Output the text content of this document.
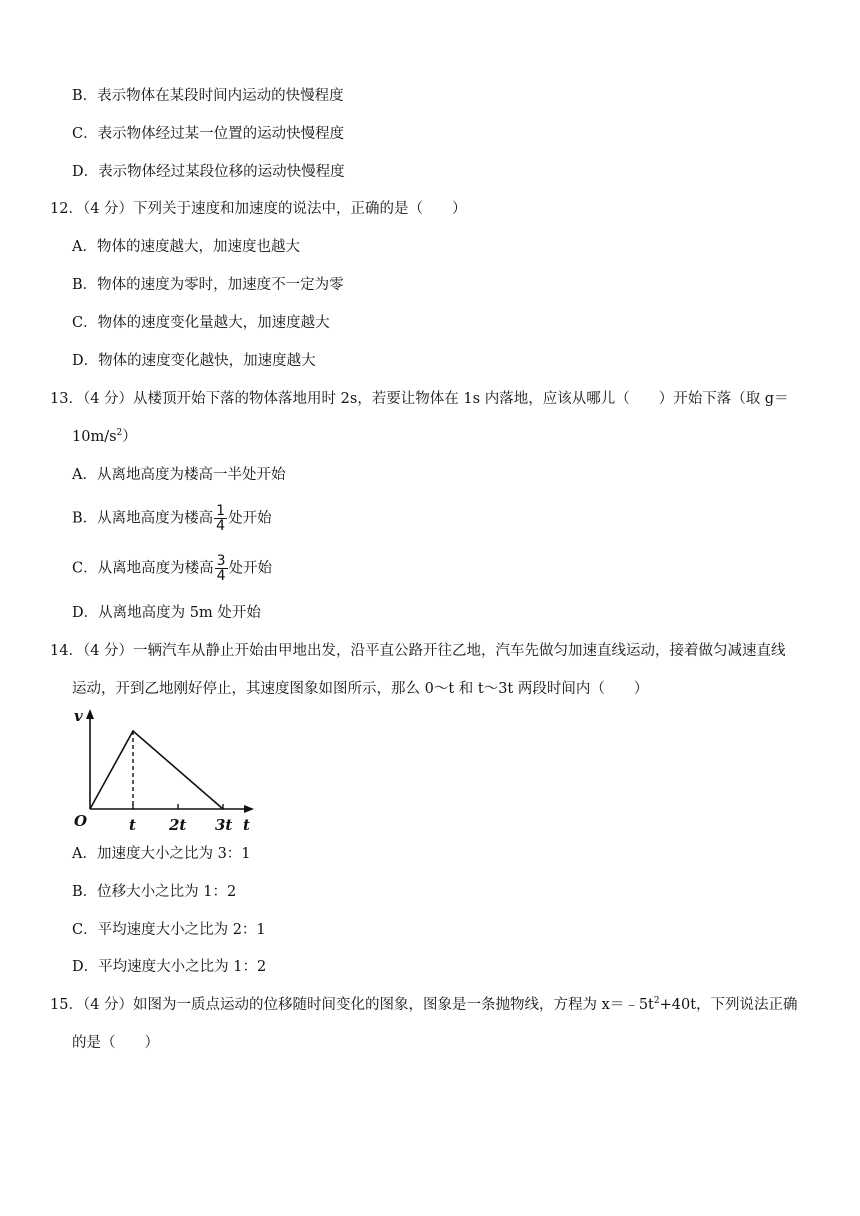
B．表示物体在某段时间内运动的快慢程度
C．表示物体经过某一位置的运动快慢程度
D．表示物体经过某段位移的运动快慢程度
12．（4 分）下列关于速度和加速度的说法中，正确的是（　　）
A．物体的速度越大，加速度也越大
B．物体的速度为零时，加速度不一定为零
C．物体的速度变化量越大，加速度越大
D．物体的速度变化越快，加速度越大
13．（4 分）从楼顶开始下落的物体落地用时 2s，若要让物体在 1s 内落地，应该从哪儿（　　）开始下落（取 g＝
$10m/s^2$）
A．从离地高度为楼高一半处开始
B．从离地高度为楼高 $\frac{1}{4}$ 处开始
C．从离地高度为楼高 $\frac{3}{4}$ 处开始
D．从离地高度为 5m 处开始
14．（4 分）一辆汽车从静止开始由甲地出发，沿平直公路开往乙地，汽车先做匀加速直线运动，接着做匀减速直线
运动，开到乙地刚好停止，其速度图象如图所示，那么 0～t 和 t～3t 两段时间内（　　）
v
O	t 2t 3t t
A．加速度大小之比为 3：1
B．位移大小之比为 1：2
C．平均速度大小之比为 2：1
D．平均速度大小之比为 1：2
15．（4 分）如图为一质点运动的位移随时间变化的图象，图象是一条抛物线，方程为 $x=﹣5t^2+40t$，下列说法正确
的是（　　）
